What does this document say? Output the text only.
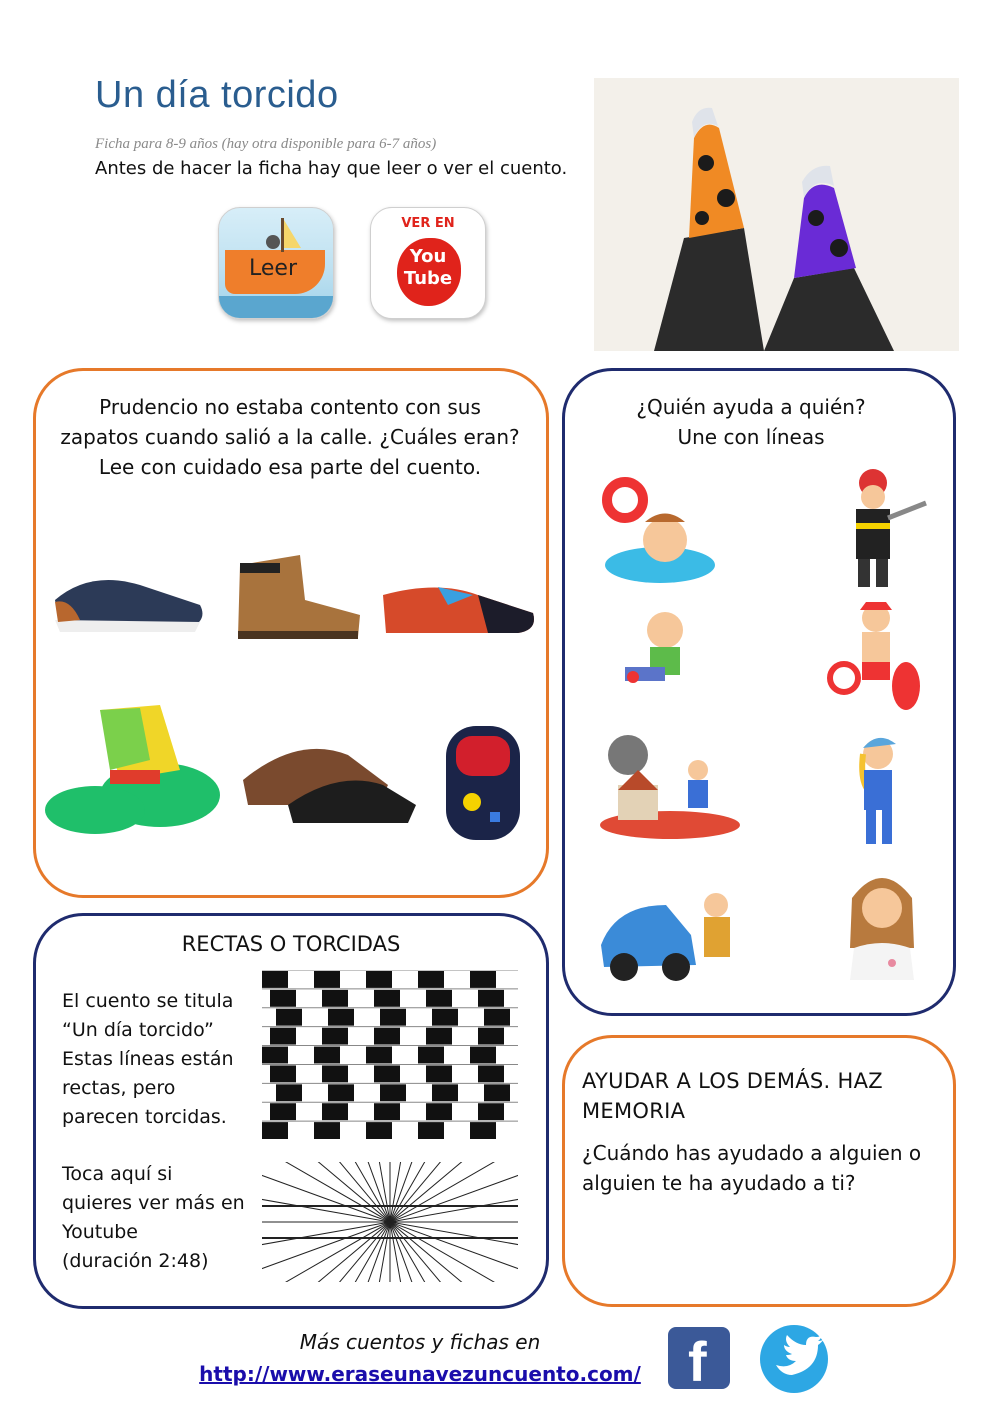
Un día torcido
Ficha para 8-9 años (hay otra disponible para 6-7 años)
Antes de hacer la ficha hay que leer o ver el cuento.
Leer
VER EN
You
Tube
Prudencio no estaba contento con sus zapatos cuando salió a la calle. ¿Cuáles eran? Lee con cuidado esa parte del cuento.
¿Quién ayuda a quién?
Une con líneas
RECTAS O TORCIDAS
El cuento se titula
“Un día torcido”
Estas líneas están
rectas, pero
parecen torcidas.
Toca aquí si
quieres ver más en
Youtube
(duración 2:48)
AYUDAR A LOS DEMÁS. HAZ MEMORIA
¿Cuándo has ayudado a alguien o alguien te ha ayudado a ti?
Más cuentos y fichas en
http://www.eraseunavezuncuento.com/ f
